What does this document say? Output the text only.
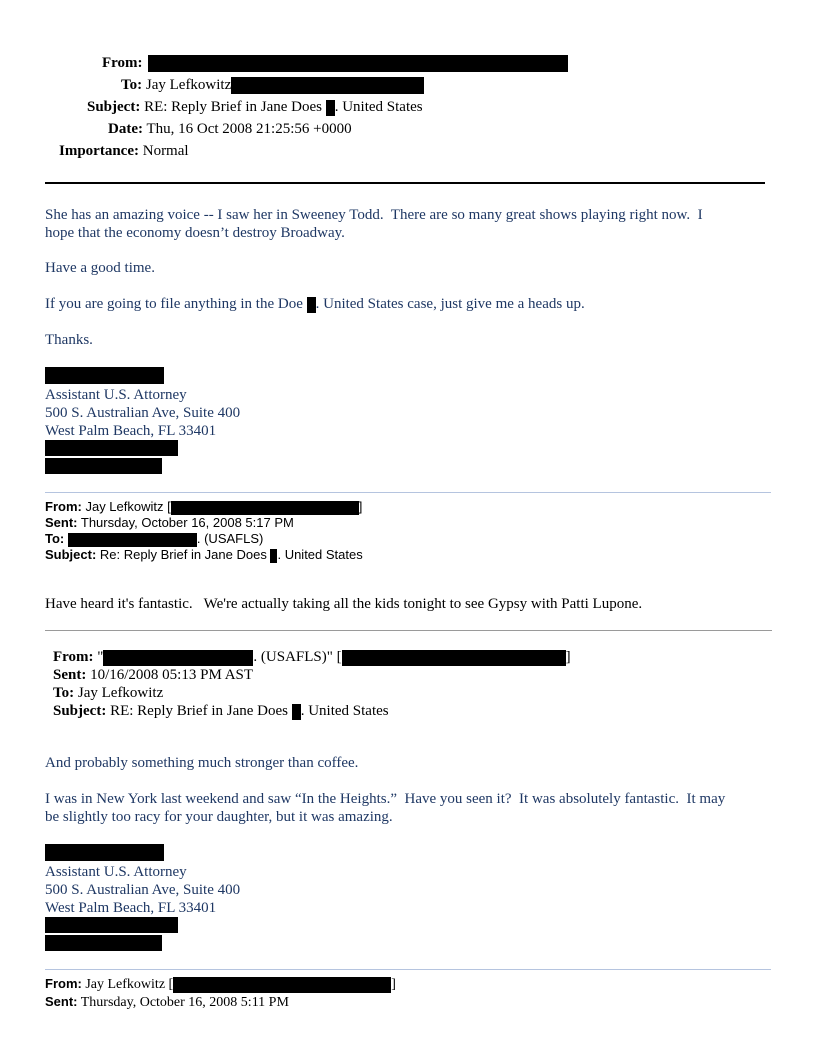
From:
To: Jay Lefkowitz
Subject: RE: Reply Brief in Jane Does . United States
Date: Thu, 16 Oct 2008 21:25:56 +0000
Importance: Normal
She has an amazing voice -- I saw her in Sweeney Todd.  There are so many great shows playing right now.  I
hope that the economy doesn’t destroy Broadway.
Have a good time.
If you are going to file anything in the Doe . United States case, just give me a heads up.
Thanks.
Assistant U.S. Attorney
500 S. Australian Ave, Suite 400
West Palm Beach, FL 33401
From: Jay Lefkowitz [	]
Sent: Thursday, October 16, 2008 5:17 PM
To:	. (USAFLS)
Subject: Re: Reply Brief in Jane Does . United States
Have heard it's fantastic.   We're actually taking all the kids tonight to see Gypsy with Patti Lupone.
From: "	. (USAFLS)" [	]
Sent: 10/16/2008 05:13 PM AST
To: Jay Lefkowitz
Subject: RE: Reply Brief in Jane Does . United States
And probably something much stronger than coffee.
I was in New York last weekend and saw “In the Heights.”  Have you seen it?  It was absolutely fantastic.  It may
be slightly too racy for your daughter, but it was amazing.
Assistant U.S. Attorney
500 S. Australian Ave, Suite 400
West Palm Beach, FL 33401
From: Jay Lefkowitz [	]
Sent: Thursday, October 16, 2008 5:11 PM
